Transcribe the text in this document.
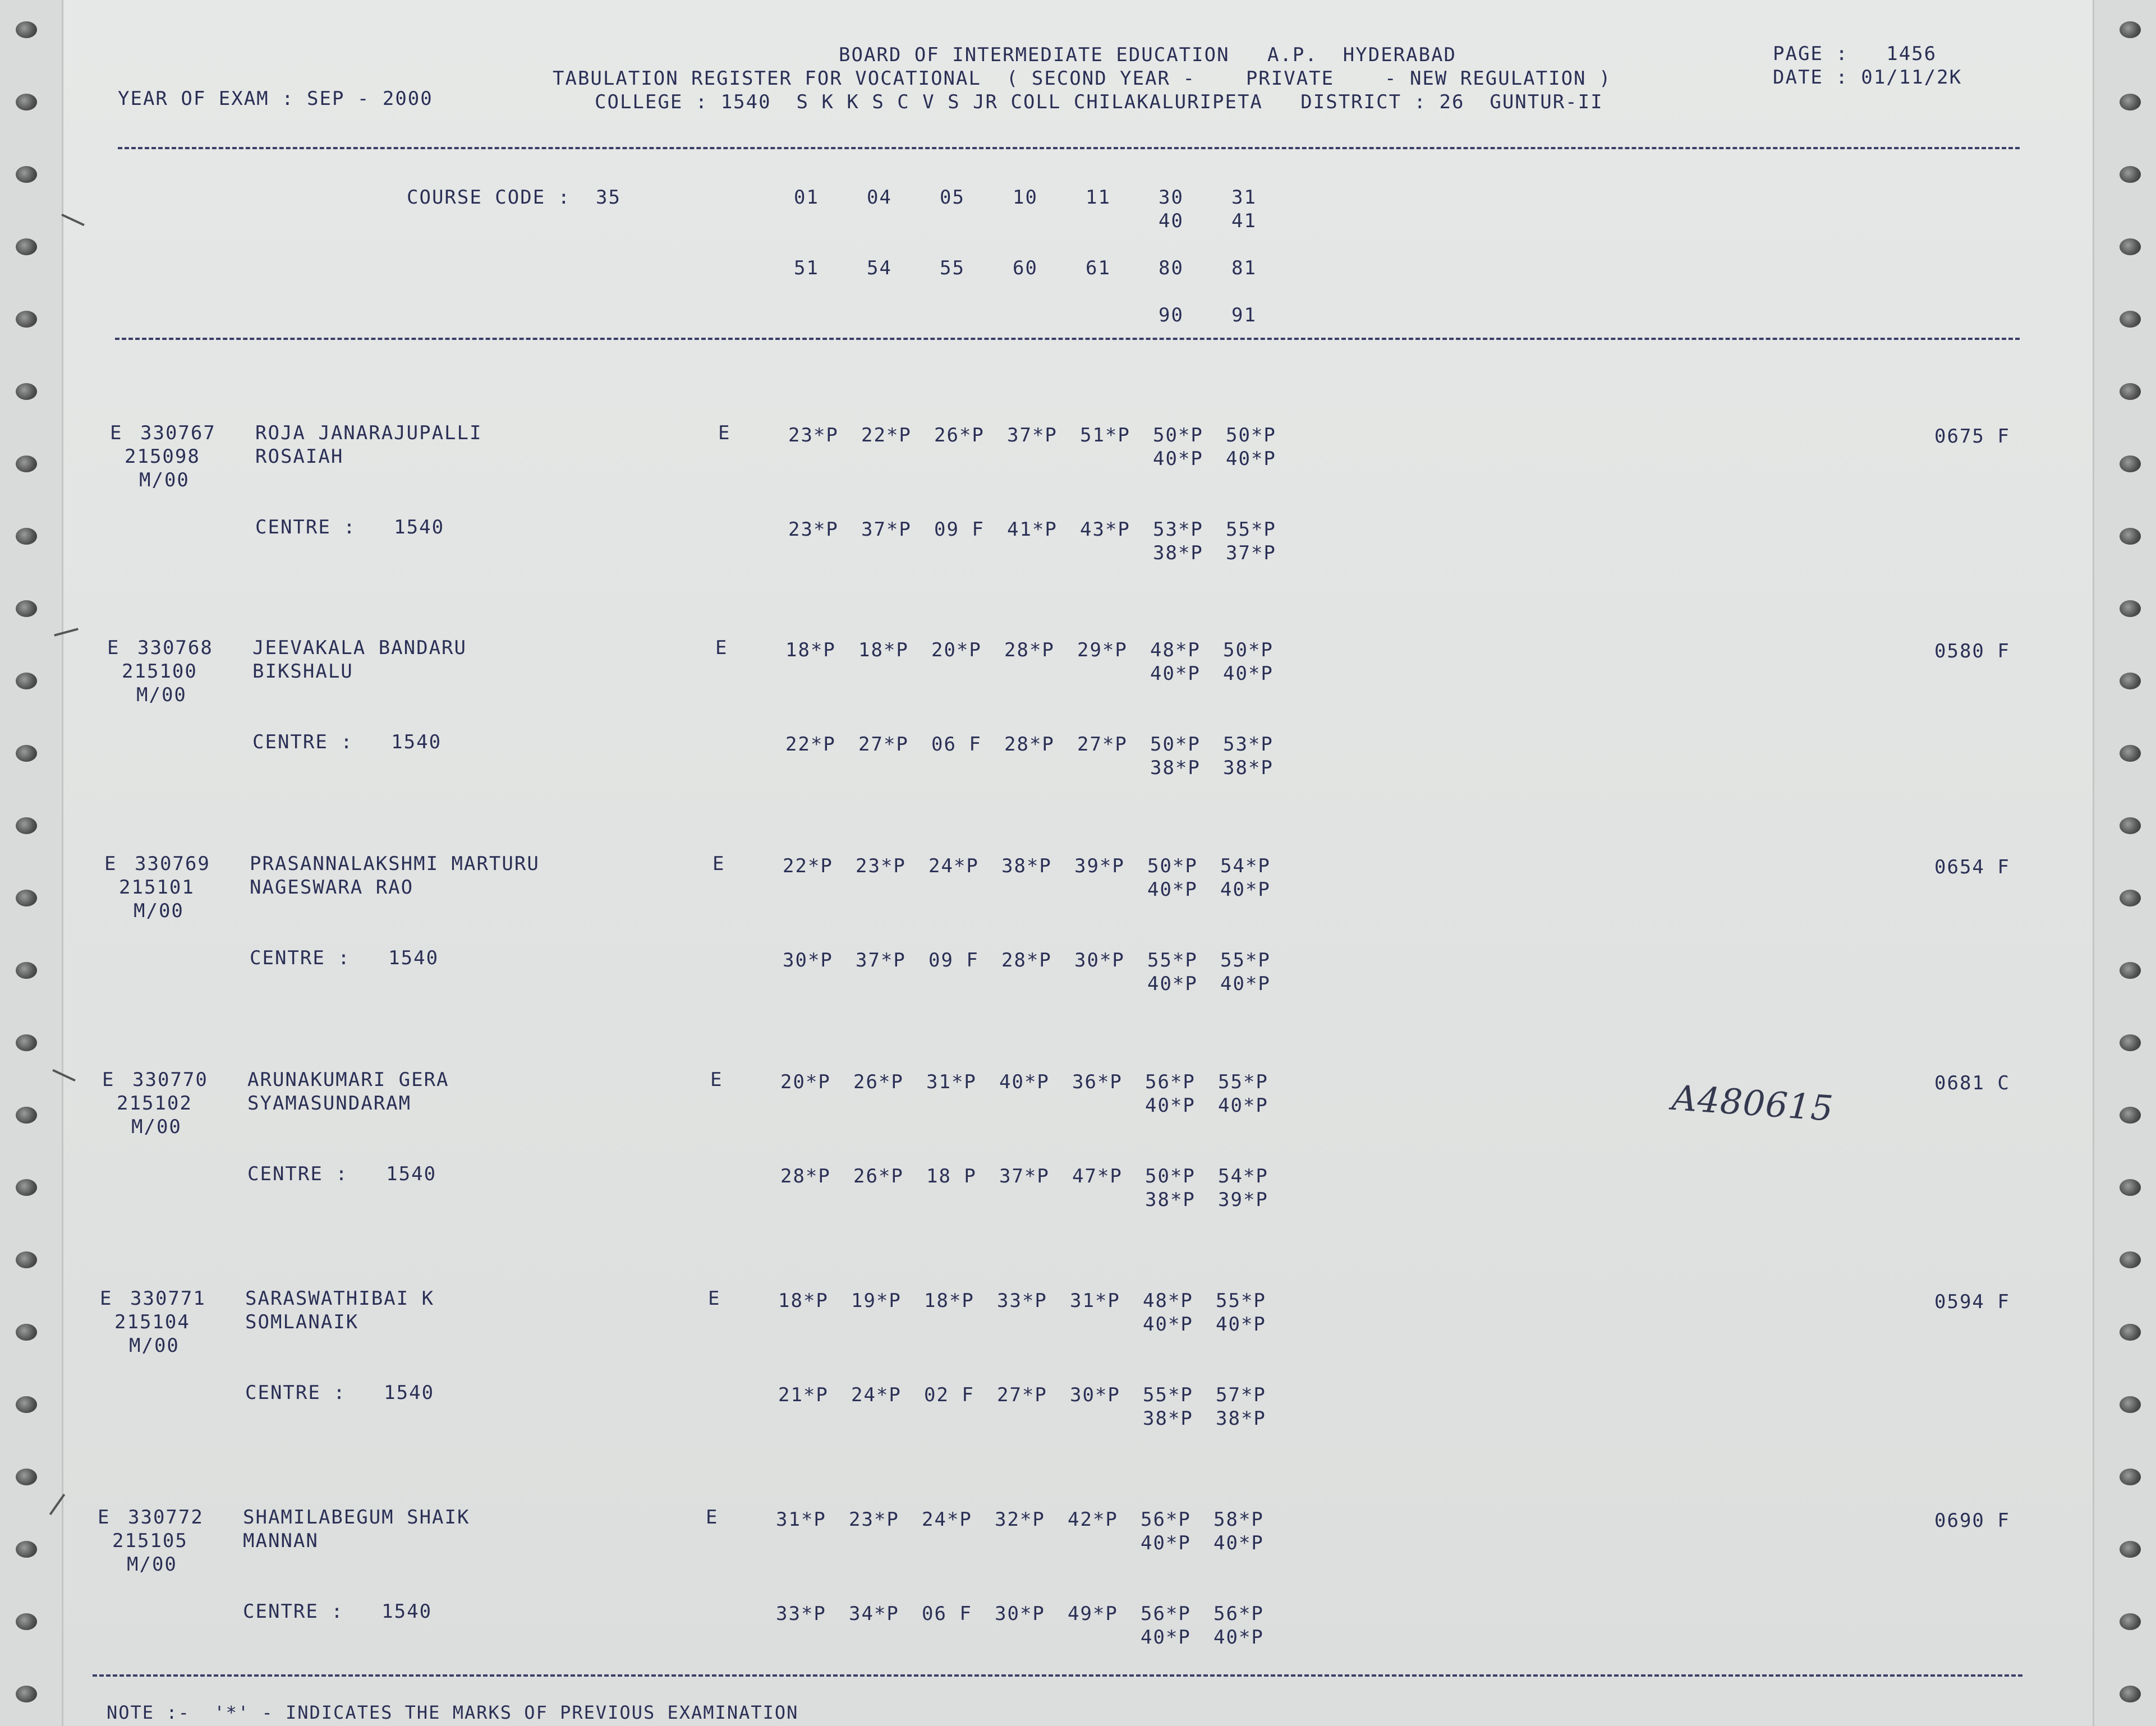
BOARD OF INTERMEDIATE EDUCATION   A.P.  HYDERABAD	PAGE :   1456
TABULATION REGISTER FOR VOCATIONAL  ( SECOND YEAR -    PRIVATE    - NEW REGULATION )	DATE : 01/11/2K
YEAR OF EXAM : SEP - 2000	COLLEGE : 1540  S K K S C V S JR COLL CHILAKALURIPETA   DISTRICT : 26  GUNTUR-II
COURSE CODE :  35	01	04	05	10	11	30	31
40	41
51	54	55	60	61	80	81
90	91
E 330767 ROJA JANARAJUPALLI	E
215098	ROSAIAH
M/00
23*P 22*P 26*P 37*P 51*P 50*P 50*P
40*P 40*P
CENTRE :   1540	23*P 37*P 09 F 41*P 43*P 53*P 55*P
38*P 37*P
0675 F
E 330768 JEEVAKALA BANDARU	E
215100	BIKSHALU
M/00
18*P 18*P 20*P 28*P 29*P 48*P 50*P
40*P 40*P
CENTRE :   1540	22*P 27*P 06 F 28*P 27*P 50*P 53*P
38*P 38*P
0580 F
E 330769 PRASANNALAKSHMI MARTURU	E
215101	NAGESWARA RAO
M/00
22*P 23*P 24*P 38*P 39*P 50*P 54*P
40*P 40*P
CENTRE :   1540	30*P 37*P 09 F 28*P 30*P 55*P 55*P
40*P 40*P
0654 F
E 330770 ARUNAKUMARI GERA	E
215102	SYAMASUNDARAM
M/00
20*P 26*P 31*P 40*P 36*P 56*P 55*P
40*P 40*P
CENTRE :   1540	28*P 26*P 18 P 37*P 47*P 50*P 54*P
38*P 39*P
0681 C
E 330771 SARASWATHIBAI K	E
215104	SOMLANAIK
M/00
18*P 19*P 18*P 33*P 31*P 48*P 55*P
40*P 40*P
CENTRE :   1540	21*P 24*P 02 F 27*P 30*P 55*P 57*P
38*P 38*P
0594 F
E 330772 SHAMILABEGUM SHAIK	E
215105	MANNAN
M/00
31*P 23*P 24*P 32*P 42*P 56*P 58*P
40*P 40*P
CENTRE :   1540	33*P 34*P 06 F 30*P 49*P 56*P 56*P
40*P 40*P
0690 F
A480615
NOTE :-  '*' - INDICATES THE MARKS OF PREVIOUS EXAMINATION
